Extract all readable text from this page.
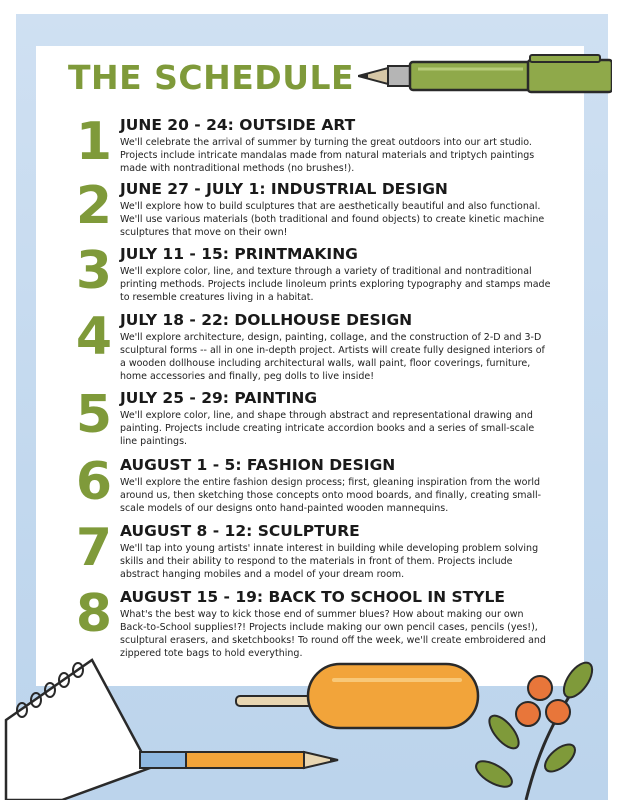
THE SCHEDULE
1 JUNE 20 - 24: OUTSIDE ART

We'll celebrate the arrival of summer by turning the great outdoors into our art studio. Projects include intricate mandalas made from natural materials and triptych paintings made with nontraditional methods (no brushes!).

2 JUNE 27 - JULY 1: INDUSTRIAL DESIGN

We'll explore how to build sculptures that are aesthetically beautiful and also functional. We'll use various materials (both traditional and found objects) to create kinetic machine sculptures that move on their own!

3 JULY 11 - 15: PRINTMAKING

We'll explore color, line, and texture through a variety of traditional and nontraditional printing methods. Projects include linoleum prints exploring typography and stamps made to resemble creatures living in a habitat.

4 JULY 18 - 22: DOLLHOUSE DESIGN

We'll explore architecture, design, painting, collage, and the construction of 2-D and 3-D sculptural forms -- all in one in-depth project. Artists will create fully designed interiors of a wooden dollhouse including architectural walls, wall paint, floor coverings, furniture, home accessories and finally, peg dolls to live inside!

5 JULY 25 - 29: PAINTING

We'll explore color, line, and shape through abstract and representational drawing and painting. Projects include creating intricate accordion books and a series of small-scale line paintings.

6 AUGUST 1 - 5: FASHION DESIGN

We'll explore the entire fashion design process; first, gleaning inspiration from the world around us, then sketching those concepts onto mood boards, and finally, creating small-scale models of our designs onto hand-painted wooden mannequins.

7 AUGUST 8 - 12: SCULPTURE

We'll tap into young artists' innate interest in building while developing problem solving skills and their ability to respond to the materials in front of them. Projects include abstract hanging mobiles and a model of your dream room.

8 AUGUST 15 - 19: BACK TO SCHOOL IN STYLE

What's the best way to kick those end of summer blues? How about making our own Back-to-School supplies!?! Projects include making our own pencil cases, pencils (yes!), sculptural erasers, and sketchbooks! To round off the week, we'll create embroidered and zippered tote bags to hold everything.
